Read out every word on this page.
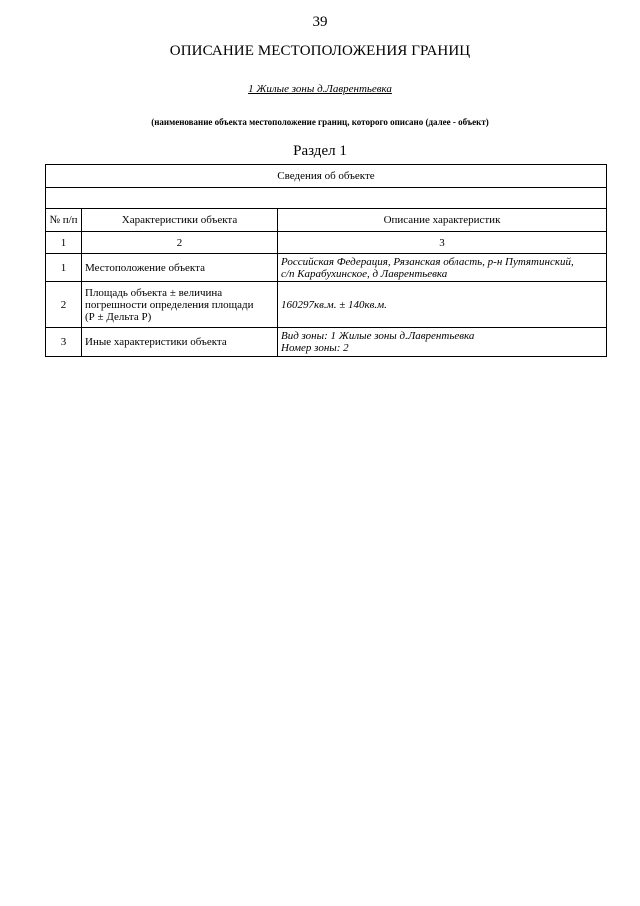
39
ОПИСАНИЕ МЕСТОПОЛОЖЕНИЯ ГРАНИЦ
1 Жилые зоны д.Лаврентьевка
(наименование объекта местоположение границ, которого описано (далее - объект)
Раздел 1
Сведения об объекте		

№ п/п	Характеристики объекта	Описание характеристик
1	2	3
1	Местоположение объекта	Российская Федерация, Рязанская область, р-н Путятинский,
с/п Карабухинское, д Лаврентьевка

2	Площадь объекта ± величина
погрешности определения площади
(Р ± Дельта Р)	160297кв.м. ± 140кв.м.
3	Иные характеристики объекта	Вид зоны: 1 Жилые зоны д.Лаврентьевка
Номер зоны: 2
